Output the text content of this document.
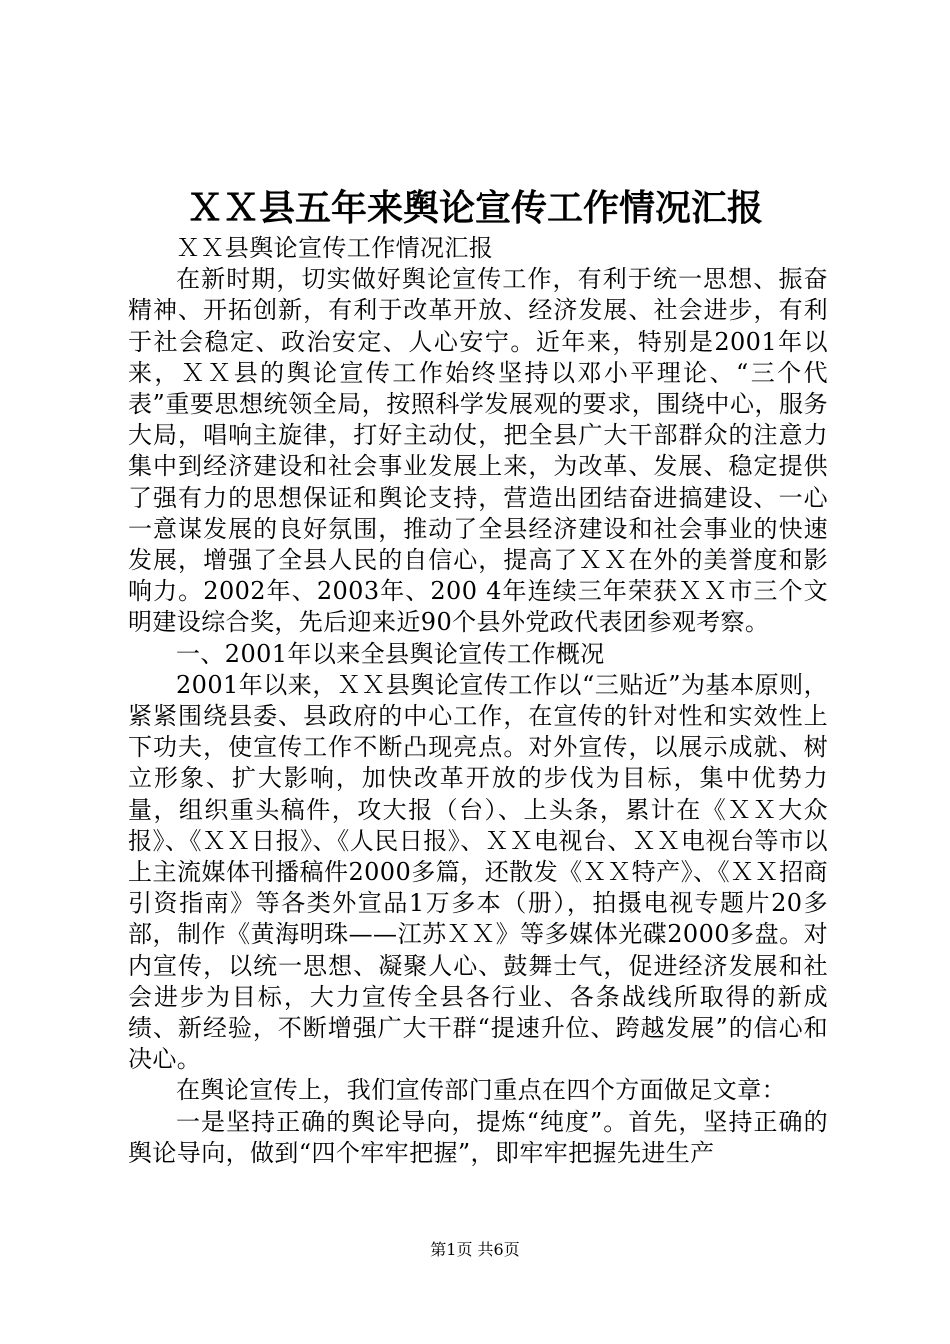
ＸＸ县五年来舆论宣传工作情况汇报

ＸＸ县舆论宣传工作情况汇报

在新时期，切实做好舆论宣传工作，有利于统一思想、振奋精神、开拓创新，有利于改革开放、经济发展、社会进步，有利于社会稳定、政治安定、人心安宁。近年来，特别是2001年以来，ＸＸ县的舆论宣传工作始终坚持以邓小平理论、“三个代表”重要思想统领全局，按照科学发展观的要求，围绕中心，服务大局，唱响主旋律，打好主动仗，把全县广大干部群众的注意力集中到经济建设和社会事业发展上来，为改革、发展、稳定提供了强有力的思想保证和舆论支持，营造出团结奋进搞建设、一心一意谋发展的良好氛围，推动了全县经济建设和社会事业的快速发展，增强了全县人民的自信心，提高了ＸＸ在外的美誉度和影响力。2002年、2003年、200 4年连续三年荣获ＸＸ市三个文明建设综合奖，先后迎来近90个县外党政代表团参观考察。

一、2001年以来全县舆论宣传工作概况

2001年以来，ＸＸ县舆论宣传工作以“三贴近”为基本原则，紧紧围绕县委、县政府的中心工作，在宣传的针对性和实效性上下功夫，使宣传工作不断凸现亮点。对外宣传，以展示成就、树立形象、扩大影响，加快改革开放的步伐为目标，集中优势力量，组织重头稿件，攻大报（台）、上头条，累计在《ＸＸ大众报》、《ＸＸ日报》、《人民日报》、ＸＸ电视台、ＸＸ电视台等市以上主流媒体刊播稿件2000多篇，还散发《ＸＸ特产》、《ＸＸ招商引资指南》等各类外宣品1万多本（册），拍摄电视专题片20多部，制作《黄海明珠——江苏ＸＸ》等多媒体光碟2000多盘。对内宣传，以统一思想、凝聚人心、鼓舞士气，促进经济发展和社会进步为目标，大力宣传全县各行业、各条战线所取得的新成绩、新经验，不断增强广大干群“提速升位、跨越发展”的信心和决心。

在舆论宣传上，我们宣传部门重点在四个方面做足文章：

一是坚持正确的舆论导向，提炼“纯度”。首先，坚持正确的舆论导向，做到“四个牢牢把握”，即牢牢把握先进生产

第1页 共6页
